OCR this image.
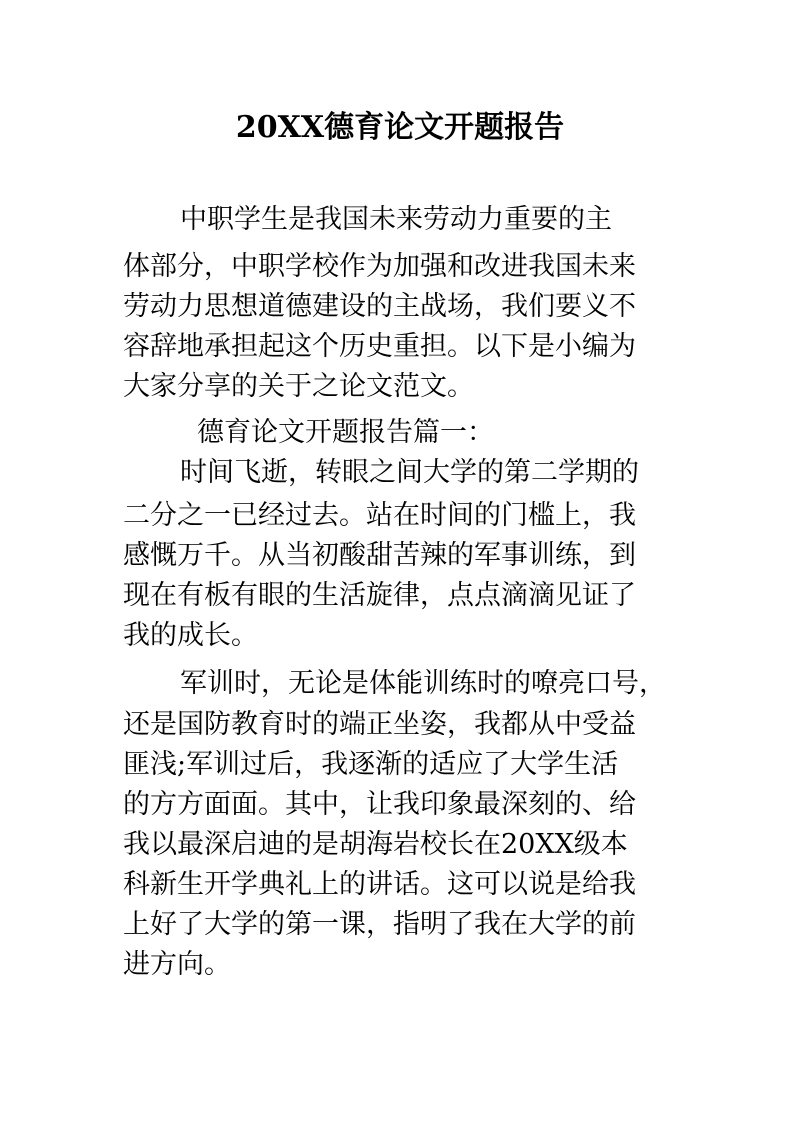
20XX德育论文开题报告
中职学生是我国未来劳动力重要的主
体部分，中职学校作为加强和改进我国未来
劳动力思想道德建设的主战场，我们要义不
容辞地承担起这个历史重担。以下是小编为
大家分享的关于之论文范文。
德育论文开题报告篇一：
时间飞逝，转眼之间大学的第二学期的
二分之一已经过去。站在时间的门槛上，我
感慨万千。从当初酸甜苦辣的军事训练，到
现在有板有眼的生活旋律，点点滴滴见证了
我的成长。
军训时，无论是体能训练时的嘹亮口号，
还是国防教育时的端正坐姿，我都从中受益
匪浅;军训过后，我逐渐的适应了大学生活
的方方面面。其中，让我印象最深刻的、给
我以最深启迪的是胡海岩校长在20XX级本
科新生开学典礼上的讲话。这可以说是给我
上好了大学的第一课，指明了我在大学的前
进方向。
